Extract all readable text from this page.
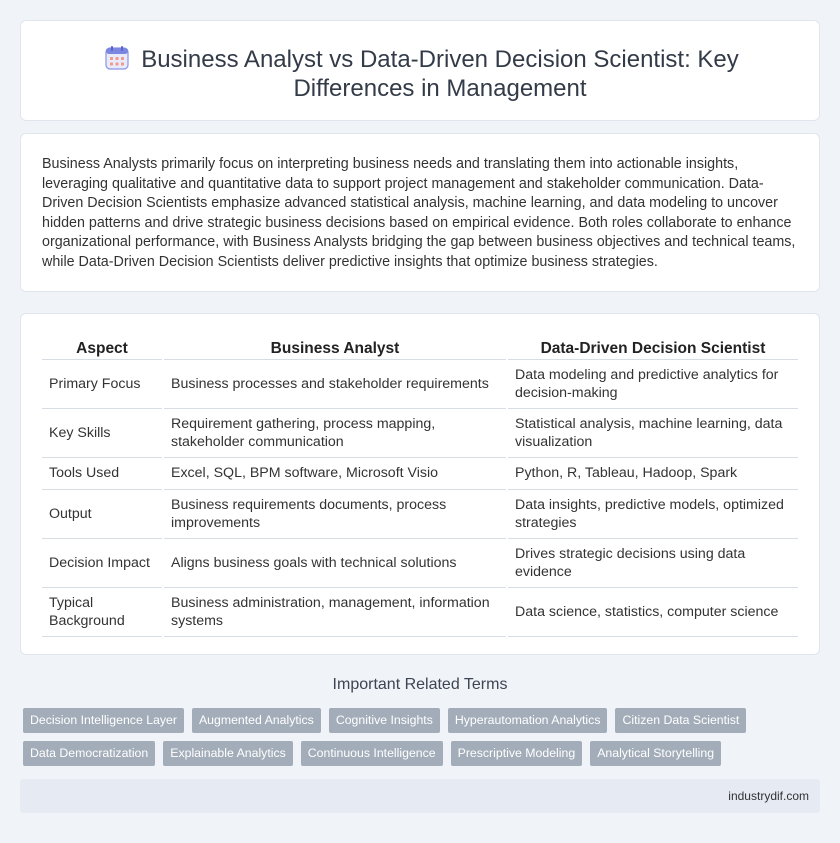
Business Analyst vs Data-Driven Decision Scientist: Key Differences in Management

Business Analysts primarily focus on interpreting business needs and translating them into actionable insights, leveraging qualitative and quantitative data to support project management and stakeholder communication. Data-Driven Decision Scientists emphasize advanced statistical analysis, machine learning, and data modeling to uncover hidden patterns and drive strategic business decisions based on empirical evidence. Both roles collaborate to enhance organizational performance, with Business Analysts bridging the gap between business objectives and technical teams, while Data-Driven Decision Scientists deliver predictive insights that optimize business strategies.

Aspect	Business Analyst	Data-Driven Decision Scientist
Primary Focus	Business processes and stakeholder requirements	Data modeling and predictive analytics for decision-making
Key Skills	Requirement gathering, process mapping, stakeholder communication	Statistical analysis, machine learning, data visualization
Tools Used	Excel, SQL, BPM software, Microsoft Visio	Python, R, Tableau, Hadoop, Spark
Output	Business requirements documents, process improvements	Data insights, predictive models, optimized strategies
Decision Impact	Aligns business goals with technical solutions	Drives strategic decisions using data evidence
Typical Background	Business administration, management, information systems	Data science, statistics, computer science
Important Related Terms
Decision Intelligence Layer	Augmented Analytics	Cognitive Insights	Hyperautomation Analytics	Citizen Data Scientist
Data Democratization	Explainable Analytics	Continuous Intelligence	Prescriptive Modeling	Analytical Storytelling
industrydif.com
